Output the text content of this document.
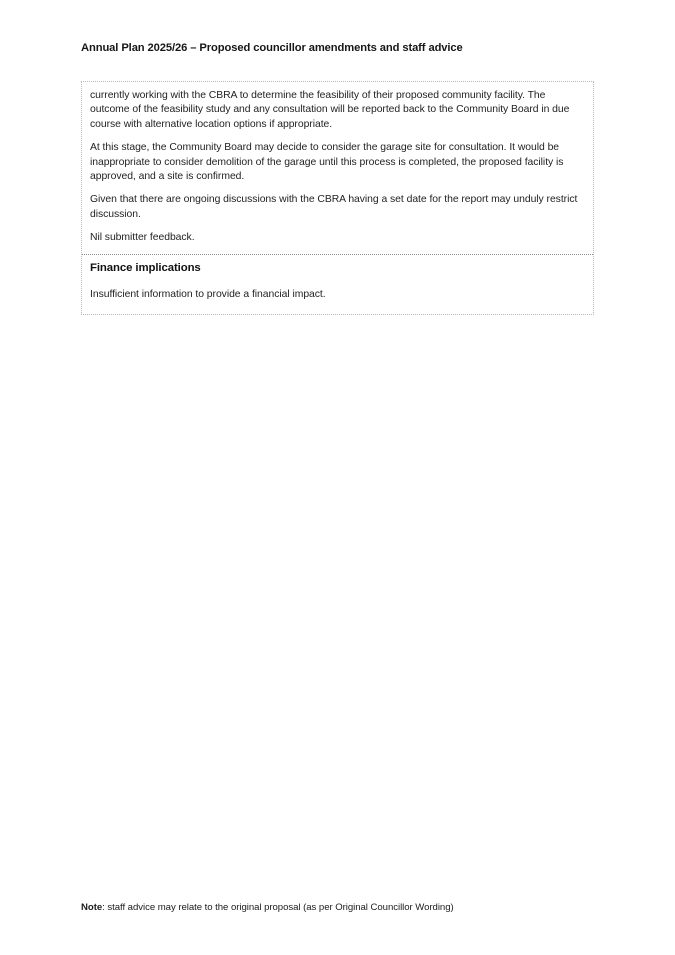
Annual Plan 2025/26 – Proposed councillor amendments and staff advice

currently working with the CBRA to determine the feasibility of their proposed community facility. The outcome of the feasibility study and any consultation will be reported back to the Community Board in due course with alternative location options if appropriate.

At this stage, the Community Board may decide to consider the garage site for consultation. It would be inappropriate to consider demolition of the garage until this process is completed, the proposed facility is approved, and a site is confirmed.

Given that there are ongoing discussions with the CBRA having a set date for the report may unduly restrict discussion.

Nil submitter feedback.

Finance implications

Insufficient information to provide a financial impact.

Note: staff advice may relate to the original proposal (as per Original Councillor Wording)
